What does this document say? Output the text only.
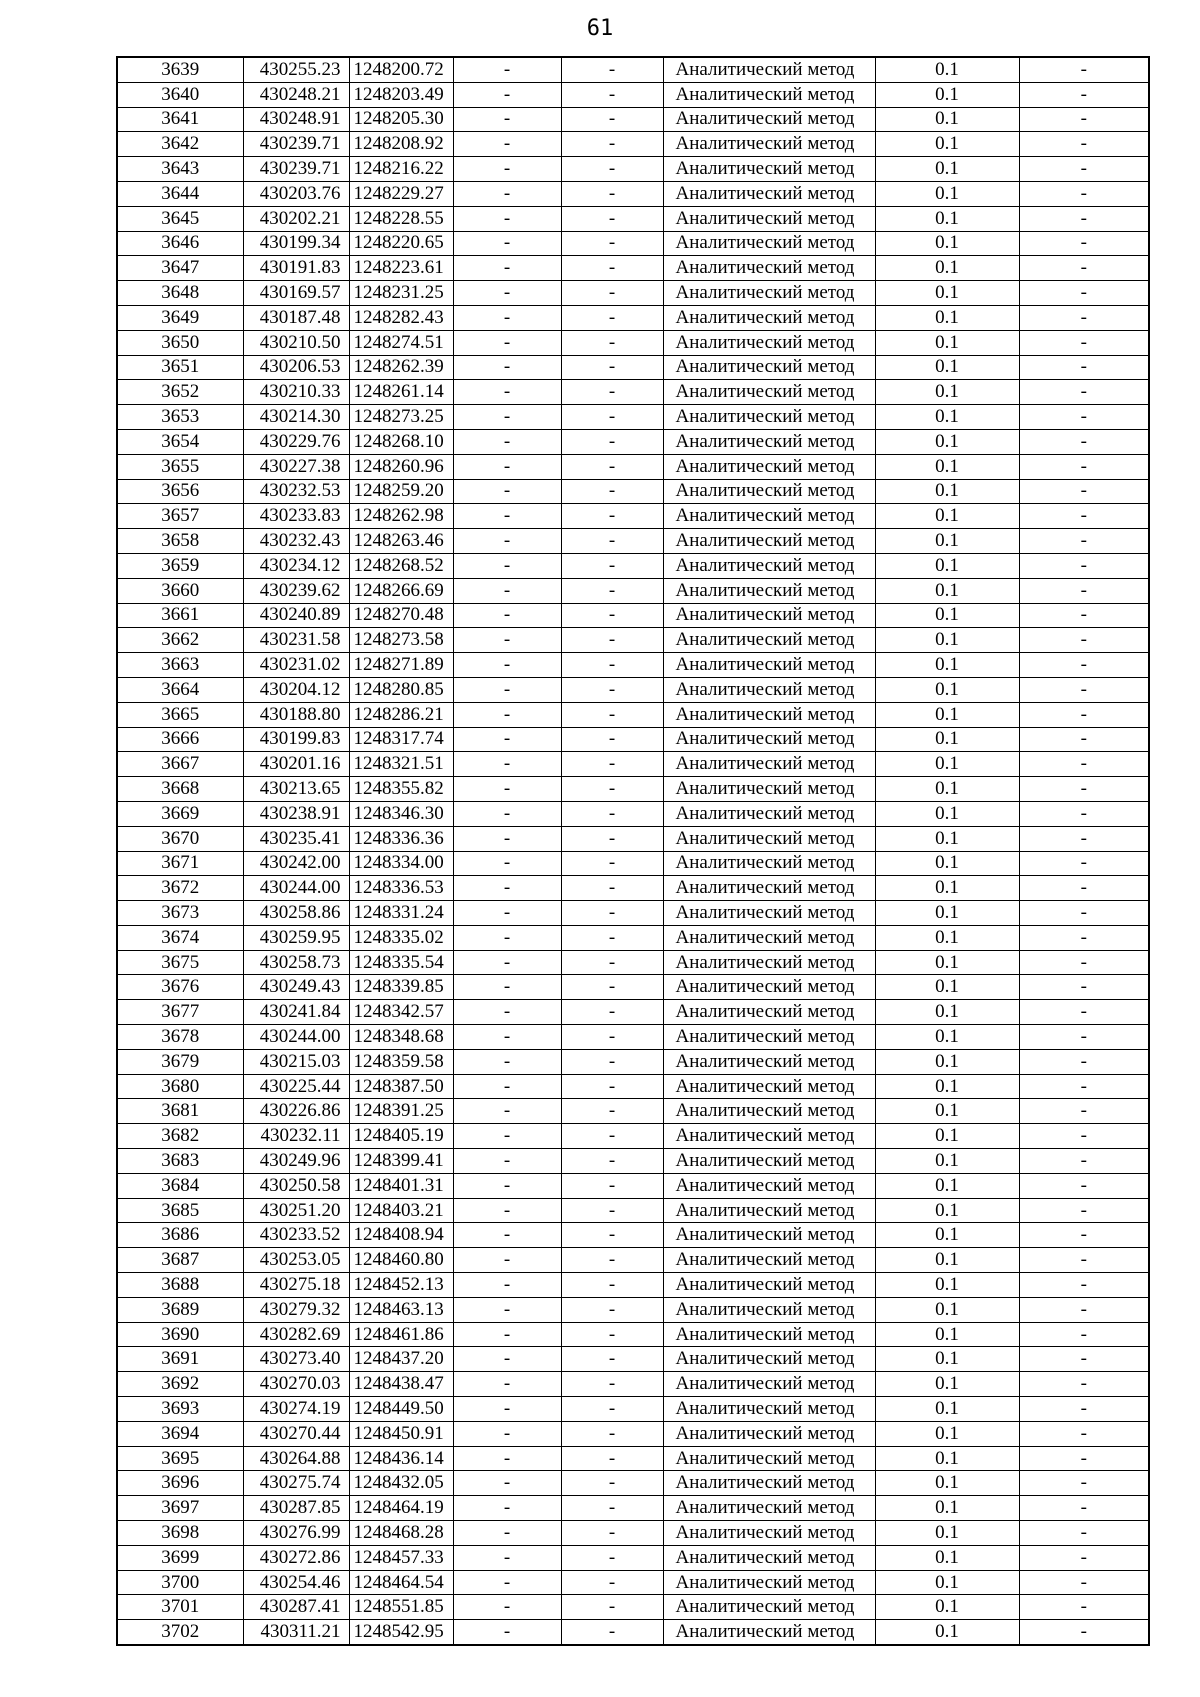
61
3639	430255.23	1248200.72	-	-	Аналитический метод	0.1	-
3640	430248.21	1248203.49	-	-	Аналитический метод	0.1	-
3641	430248.91	1248205.30	-	-	Аналитический метод	0.1	-
3642	430239.71	1248208.92	-	-	Аналитический метод	0.1	-
3643	430239.71	1248216.22	-	-	Аналитический метод	0.1	-
3644	430203.76	1248229.27	-	-	Аналитический метод	0.1	-
3645	430202.21	1248228.55	-	-	Аналитический метод	0.1	-
3646	430199.34	1248220.65	-	-	Аналитический метод	0.1	-
3647	430191.83	1248223.61	-	-	Аналитический метод	0.1	-
3648	430169.57	1248231.25	-	-	Аналитический метод	0.1	-
3649	430187.48	1248282.43	-	-	Аналитический метод	0.1	-
3650	430210.50	1248274.51	-	-	Аналитический метод	0.1	-
3651	430206.53	1248262.39	-	-	Аналитический метод	0.1	-
3652	430210.33	1248261.14	-	-	Аналитический метод	0.1	-
3653	430214.30	1248273.25	-	-	Аналитический метод	0.1	-
3654	430229.76	1248268.10	-	-	Аналитический метод	0.1	-
3655	430227.38	1248260.96	-	-	Аналитический метод	0.1	-
3656	430232.53	1248259.20	-	-	Аналитический метод	0.1	-
3657	430233.83	1248262.98	-	-	Аналитический метод	0.1	-
3658	430232.43	1248263.46	-	-	Аналитический метод	0.1	-
3659	430234.12	1248268.52	-	-	Аналитический метод	0.1	-
3660	430239.62	1248266.69	-	-	Аналитический метод	0.1	-
3661	430240.89	1248270.48	-	-	Аналитический метод	0.1	-
3662	430231.58	1248273.58	-	-	Аналитический метод	0.1	-
3663	430231.02	1248271.89	-	-	Аналитический метод	0.1	-
3664	430204.12	1248280.85	-	-	Аналитический метод	0.1	-
3665	430188.80	1248286.21	-	-	Аналитический метод	0.1	-
3666	430199.83	1248317.74	-	-	Аналитический метод	0.1	-
3667	430201.16	1248321.51	-	-	Аналитический метод	0.1	-
3668	430213.65	1248355.82	-	-	Аналитический метод	0.1	-
3669	430238.91	1248346.30	-	-	Аналитический метод	0.1	-
3670	430235.41	1248336.36	-	-	Аналитический метод	0.1	-
3671	430242.00	1248334.00	-	-	Аналитический метод	0.1	-
3672	430244.00	1248336.53	-	-	Аналитический метод	0.1	-
3673	430258.86	1248331.24	-	-	Аналитический метод	0.1	-
3674	430259.95	1248335.02	-	-	Аналитический метод	0.1	-
3675	430258.73	1248335.54	-	-	Аналитический метод	0.1	-
3676	430249.43	1248339.85	-	-	Аналитический метод	0.1	-
3677	430241.84	1248342.57	-	-	Аналитический метод	0.1	-
3678	430244.00	1248348.68	-	-	Аналитический метод	0.1	-
3679	430215.03	1248359.58	-	-	Аналитический метод	0.1	-
3680	430225.44	1248387.50	-	-	Аналитический метод	0.1	-
3681	430226.86	1248391.25	-	-	Аналитический метод	0.1	-
3682	430232.11	1248405.19	-	-	Аналитический метод	0.1	-
3683	430249.96	1248399.41	-	-	Аналитический метод	0.1	-
3684	430250.58	1248401.31	-	-	Аналитический метод	0.1	-
3685	430251.20	1248403.21	-	-	Аналитический метод	0.1	-
3686	430233.52	1248408.94	-	-	Аналитический метод	0.1	-
3687	430253.05	1248460.80	-	-	Аналитический метод	0.1	-
3688	430275.18	1248452.13	-	-	Аналитический метод	0.1	-
3689	430279.32	1248463.13	-	-	Аналитический метод	0.1	-
3690	430282.69	1248461.86	-	-	Аналитический метод	0.1	-
3691	430273.40	1248437.20	-	-	Аналитический метод	0.1	-
3692	430270.03	1248438.47	-	-	Аналитический метод	0.1	-
3693	430274.19	1248449.50	-	-	Аналитический метод	0.1	-
3694	430270.44	1248450.91	-	-	Аналитический метод	0.1	-
3695	430264.88	1248436.14	-	-	Аналитический метод	0.1	-
3696	430275.74	1248432.05	-	-	Аналитический метод	0.1	-
3697	430287.85	1248464.19	-	-	Аналитический метод	0.1	-
3698	430276.99	1248468.28	-	-	Аналитический метод	0.1	-
3699	430272.86	1248457.33	-	-	Аналитический метод	0.1	-
3700	430254.46	1248464.54	-	-	Аналитический метод	0.1	-
3701	430287.41	1248551.85	-	-	Аналитический метод	0.1	-
3702	430311.21	1248542.95	-	-	Аналитический метод	0.1	-
